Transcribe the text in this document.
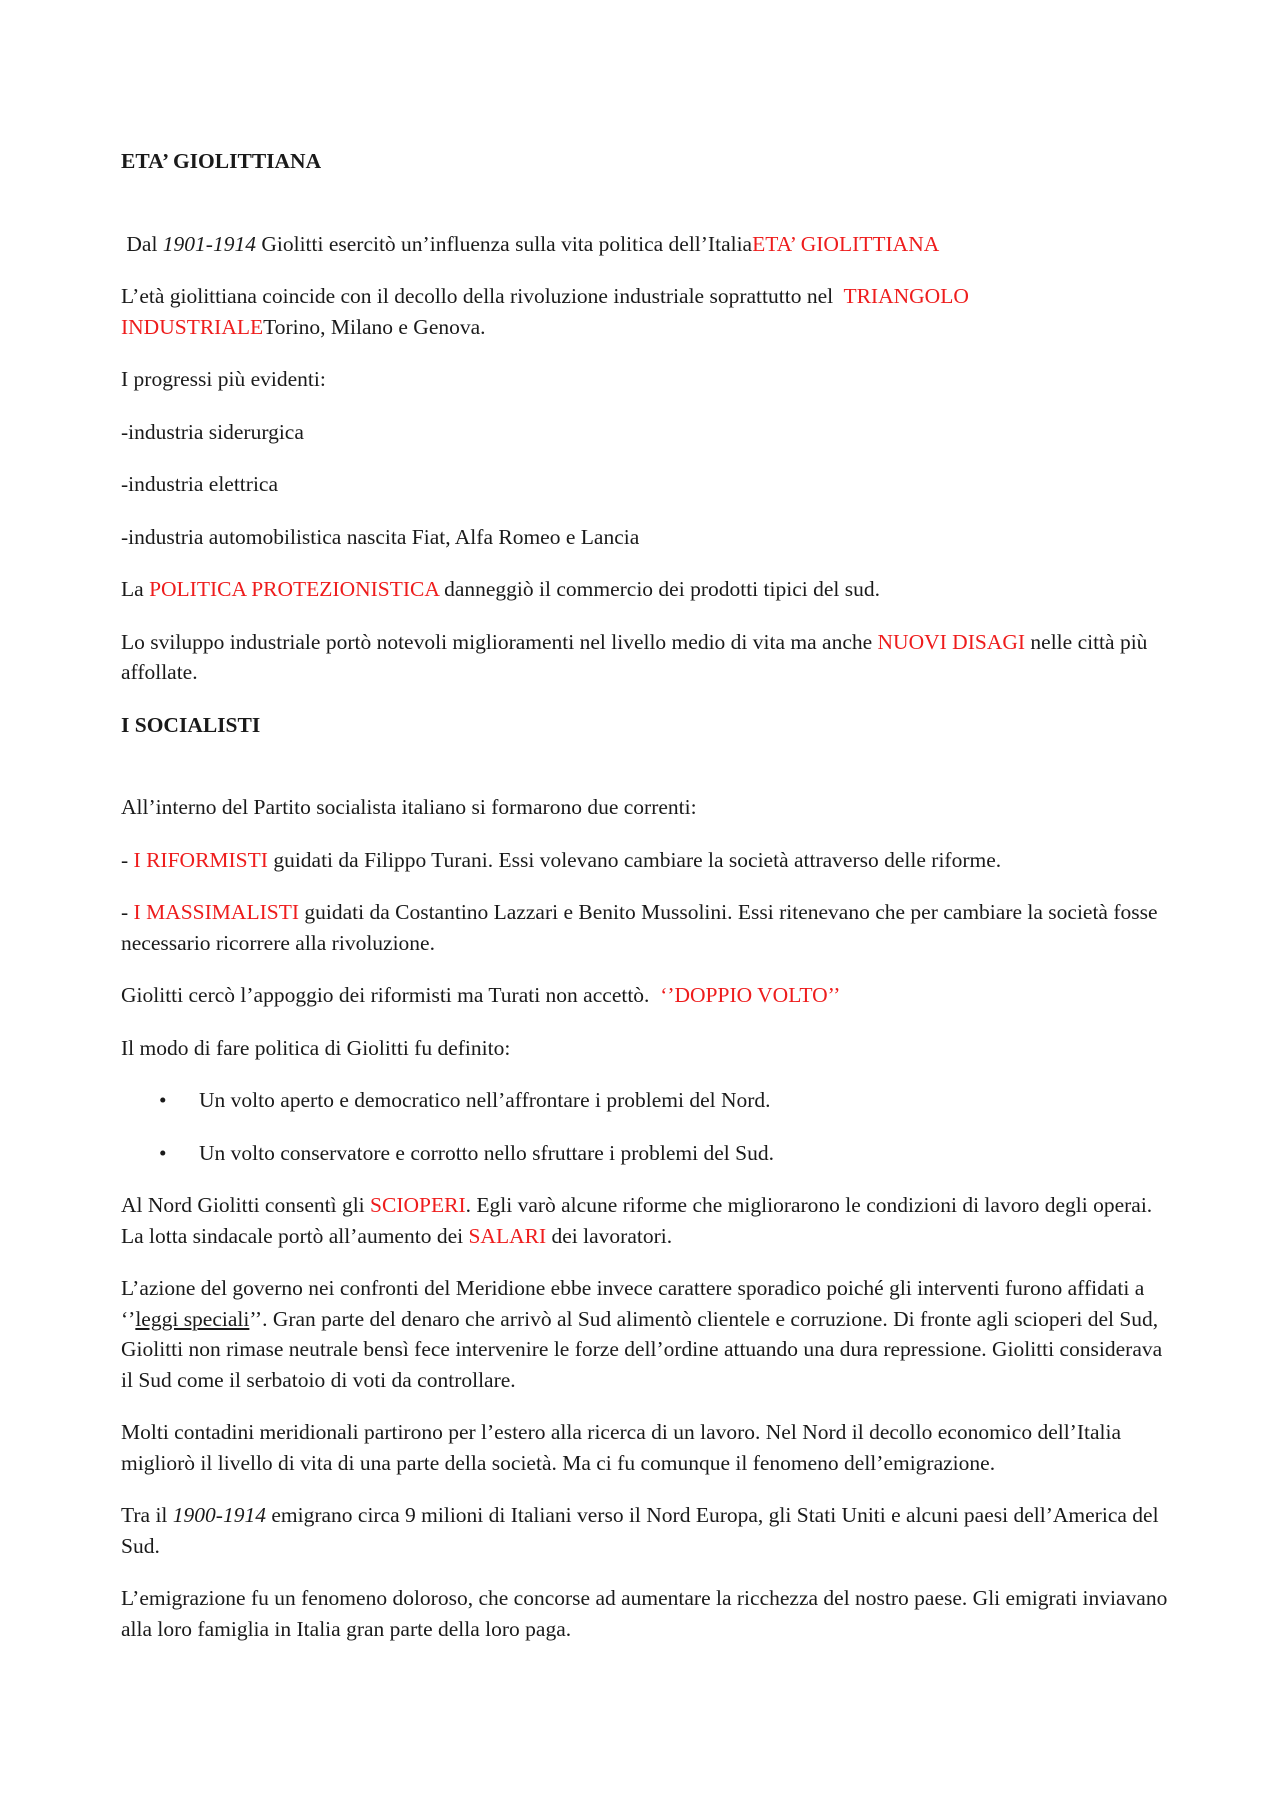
ETA’ GIOLITTIANA

Dal 1901-1914 Giolitti esercitò un’influenza sulla vita politica dell’ItaliaETA’ GIOLITTIANA

L’età giolittiana coincide con il decollo della rivoluzione industriale soprattutto nel  TRIANGOLO INDUSTRIALETorino, Milano e Genova.

I progressi più evidenti:

-industria siderurgica

-industria elettrica

-industria automobilistica nascita Fiat, Alfa Romeo e Lancia

La POLITICA PROTEZIONISTICA danneggiò il commercio dei prodotti tipici del sud.

Lo sviluppo industriale portò notevoli miglioramenti nel livello medio di vita ma anche NUOVI DISAGI nelle città più affollate.

I SOCIALISTI

All’interno del Partito socialista italiano si formarono due correnti:

- I RIFORMISTI guidati da Filippo Turani. Essi volevano cambiare la società attraverso delle riforme.

- I MASSIMALISTI guidati da Costantino Lazzari e Benito Mussolini. Essi ritenevano che per cambiare la società fosse necessario ricorrere alla rivoluzione.

Giolitti cercò l’appoggio dei riformisti ma Turati non accettò.  ‘’DOPPIO VOLTO’’

Il modo di fare politica di Giolitti fu definito:

• Un volto aperto e democratico nell’affrontare i problemi del Nord.
• Un volto conservatore e corrotto nello sfruttare i problemi del Sud.

Al Nord Giolitti consentì gli SCIOPERI. Egli varò alcune riforme che migliorarono le condizioni di lavoro degli operai. La lotta sindacale portò all’aumento dei SALARI dei lavoratori.

L’azione del governo nei confronti del Meridione ebbe invece carattere sporadico poiché gli interventi furono affidati a ‘’leggi speciali’’. Gran parte del denaro che arrivò al Sud alimentò clientele e corruzione. Di fronte agli scioperi del Sud, Giolitti non rimase neutrale bensì fece intervenire le forze dell’ordine attuando una dura repressione. Giolitti considerava il Sud come il serbatoio di voti da controllare.

Molti contadini meridionali partirono per l’estero alla ricerca di un lavoro. Nel Nord il decollo economico dell’Italia migliorò il livello di vita di una parte della società. Ma ci fu comunque il fenomeno dell’emigrazione.

Tra il 1900-1914 emigrano circa 9 milioni di Italiani verso il Nord Europa, gli Stati Uniti e alcuni paesi dell’America del Sud.

L’emigrazione fu un fenomeno doloroso, che concorse ad aumentare la ricchezza del nostro paese. Gli emigrati inviavano alla loro famiglia in Italia gran parte della loro paga.
